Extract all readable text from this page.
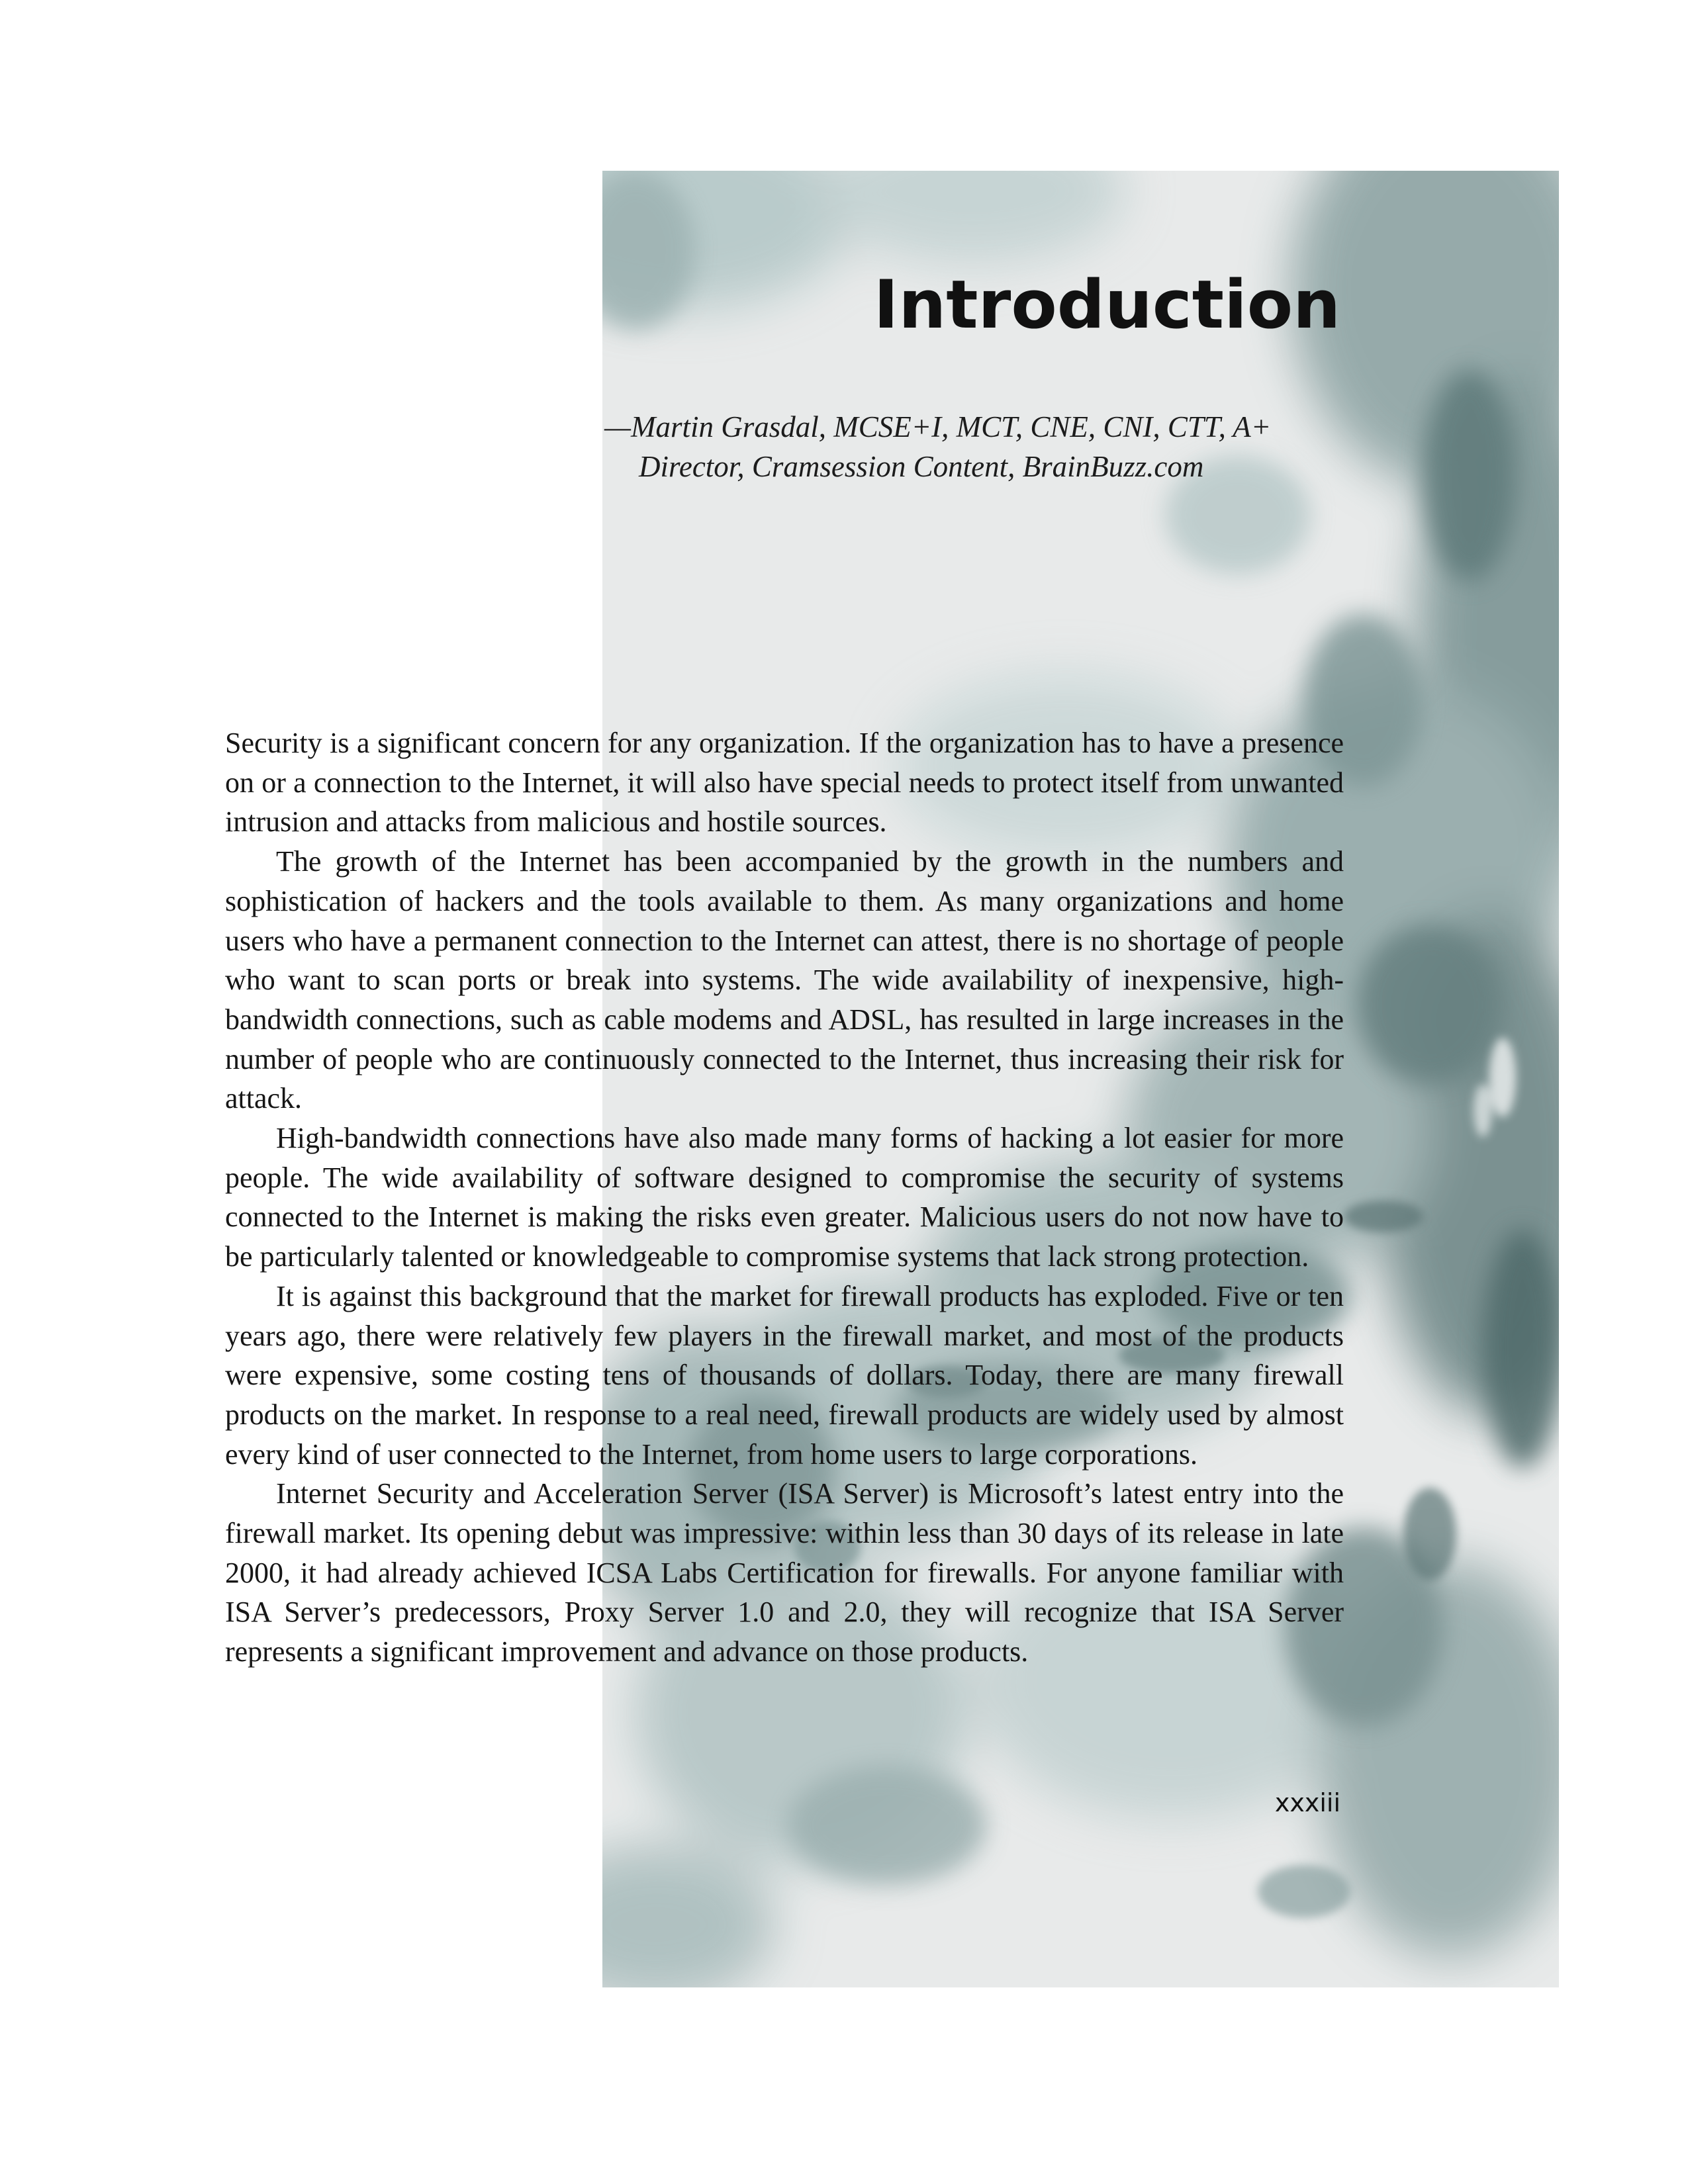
Introduction
—Martin Grasdal, MCSE+I, MCT, CNE, CNI, CTT, A+
Director, Cramsession Content, BrainBuzz.com

Security is a significant concern for any organization. If the organization has to have a presence on or a connection to the Internet, it will also have special needs to protect itself from unwanted intrusion and attacks from malicious and hostile sources.

The growth of the Internet has been accompanied by the growth in the numbers and sophistication of hackers and the tools available to them. As many organizations and home users who have a permanent connection to the Internet can attest, there is no shortage of people who want to scan ports or break into systems. The wide availability of inexpensive, high-bandwidth connections, such as cable modems and ADSL, has resulted in large increases in the number of people who are continuously connected to the Internet, thus increasing their risk for attack.

High-bandwidth connections have also made many forms of hacking a lot easier for more people. The wide availability of software designed to compromise the security of systems connected to the Internet is making the risks even greater. Malicious users do not now have to be particularly talented or knowledgeable to compromise systems that lack strong protection.

It is against this background that the market for firewall products has exploded. Five or ten years ago, there were relatively few players in the firewall market, and most of the products were expensive, some costing tens of thousands of dollars. Today, there are many firewall products on the market. In response to a real need, firewall products are widely used by almost every kind of user connected to the Internet, from home users to large corporations.

Internet Security and Acceleration Server (ISA Server) is Microsoft’s latest entry into the firewall market. Its opening debut was impressive: within less than 30 days of its release in late 2000, it had already achieved ICSA Labs Certification for firewalls. For anyone familiar with ISA Server’s predecessors, Proxy Server 1.0 and 2.0, they will recognize that ISA Server represents a significant improvement and advance on those products.

xxxiii
